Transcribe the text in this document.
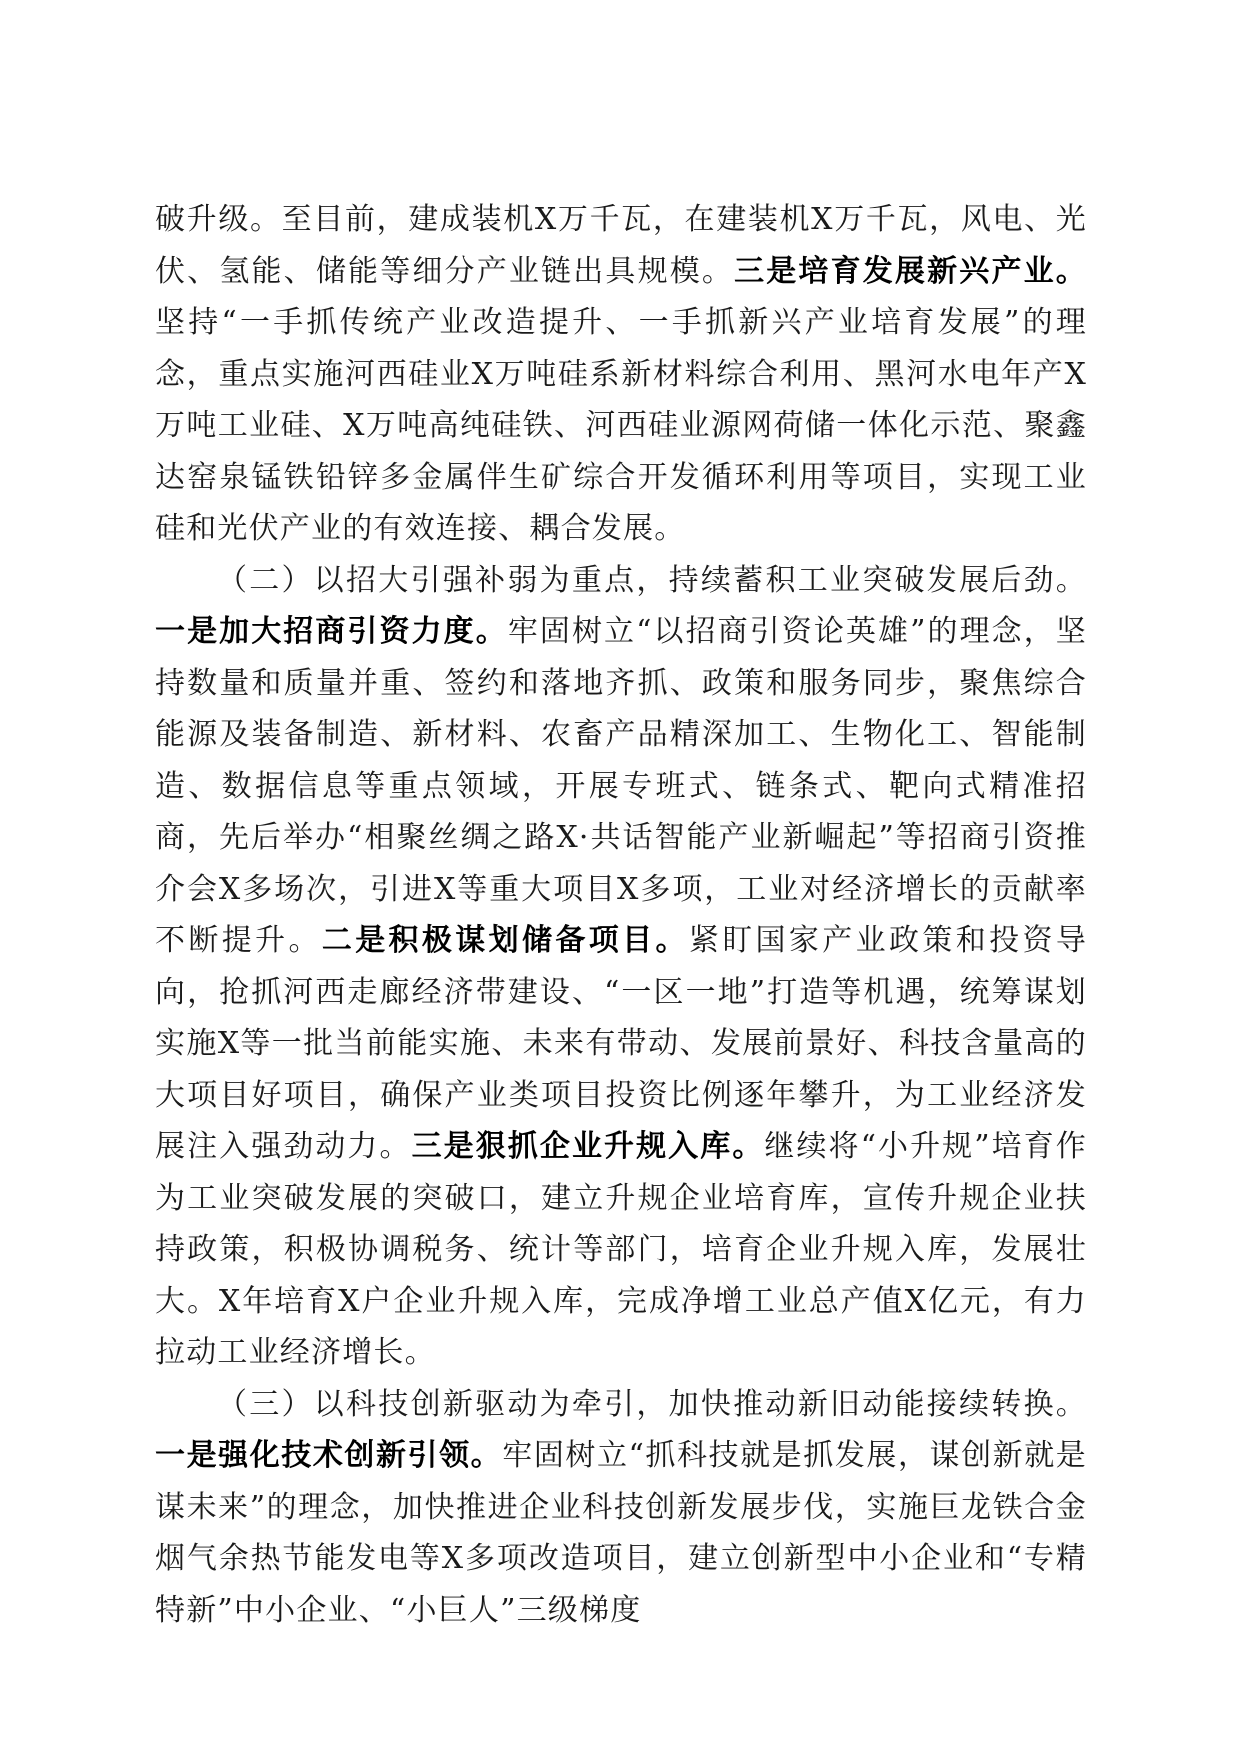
破升级。至目前，建成装机X万千瓦，在建装机X万千瓦，风电、光伏、氢能、储能等细分产业链出具规模。三是培育发展新兴产业。坚持“一手抓传统产业改造提升、一手抓新兴产业培育发展”的理念，重点实施河西硅业X万吨硅系新材料综合利用、黑河水电年产X万吨工业硅、X万吨高纯硅铁、河西硅业源网荷储一体化示范、聚鑫达窑泉锰铁铅锌多金属伴生矿综合开发循环利用等项目，实现工业硅和光伏产业的有效连接、耦合发展。

（二）以招大引强补弱为重点，持续蓄积工业突破发展后劲。一是加大招商引资力度。牢固树立“以招商引资论英雄”的理念，坚持数量和质量并重、签约和落地齐抓、政策和服务同步，聚焦综合能源及装备制造、新材料、农畜产品精深加工、生物化工、智能制造、数据信息等重点领域，开展专班式、链条式、靶向式精准招商，先后举办“相聚丝绸之路X·共话智能产业新崛起”等招商引资推介会X多场次，引进X等重大项目X多项，工业对经济增长的贡献率不断提升。二是积极谋划储备项目。紧盯国家产业政策和投资导向，抢抓河西走廊经济带建设、“一区一地”打造等机遇，统筹谋划实施X等一批当前能实施、未来有带动、发展前景好、科技含量高的大项目好项目，确保产业类项目投资比例逐年攀升，为工业经济发展注入强劲动力。三是狠抓企业升规入库。继续将“小升规”培育作为工业突破发展的突破口，建立升规企业培育库，宣传升规企业扶持政策，积极协调税务、统计等部门，培育企业升规入库，发展壮大。X年培育X户企业升规入库，完成净增工业总产值X亿元，有力拉动工业经济增长。

（三）以科技创新驱动为牵引，加快推动新旧动能接续转换。一是强化技术创新引领。牢固树立“抓科技就是抓发展，谋创新就是谋未来”的理念，加快推进企业科技创新发展步伐，实施巨龙铁合金烟气余热节能发电等X多项改造项目，建立创新型中小企业和“专精特新”中小企业、“小巨人”三级梯度
